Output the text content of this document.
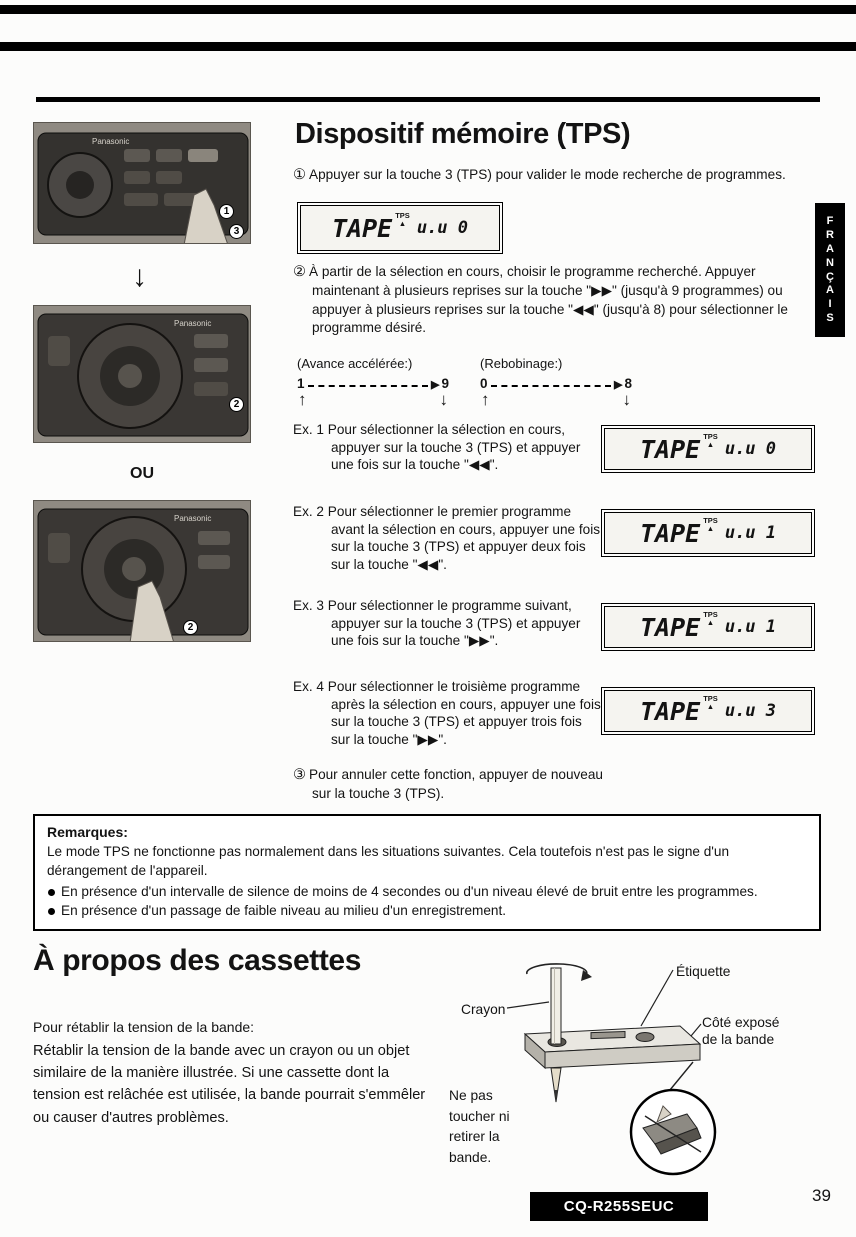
Panasonic
1
3
↓
Panasonic
2
OU
Panasonic
2
F
R
A
N
Ç
A
I
S
Dispositif mémoire (TPS)
① Appuyer sur la touche 3 (TPS) pour valider le mode recherche de programmes.
TAPE TPS
▲ u.u 0
② À partir de la sélection en cours, choisir le programme recherché. Appuyer maintenant à plusieurs reprises sur la touche "▶▶" (jusqu'à 9 programmes) ou appuyer à plusieurs reprises sur la touche "◀◀" (jusqu'à 8) pour sélectionner le programme désiré.
(Avance accélérée:)
1	▶ 9
↑	↓
(Rebobinage:)
0	▶ 8
↑	↓
Ex. 1 Pour sélectionner la sélection en cours, appuyer sur la touche 3 (TPS) et appuyer une fois sur la touche "◀◀".
TAPE TPS
▲ u.u 0
Ex. 2 Pour sélectionner le premier programme avant la sélection en cours, appuyer une fois sur la touche 3 (TPS) et appuyer deux fois sur la touche "◀◀".
TAPE TPS
▲ u.u 1
Ex. 3 Pour sélectionner le programme suivant, appuyer sur la touche 3 (TPS) et appuyer une fois sur la touche "▶▶".	TAPE TPS
▲ u.u 1
Ex. 4 Pour sélectionner le troisième programme après la sélection en cours, appuyer une fois sur la touche 3 (TPS) et appuyer trois fois sur la touche "▶▶".
TAPE TPS
▲ u.u 3
③ Pour annuler cette fonction, appuyer de nouveau sur la touche 3 (TPS).
Remarques:
Le mode TPS ne fonctionne pas normalement dans les situations suivantes. Cela toutefois n'est pas le signe d'un dérangement de l'appareil.
En présence d'un intervalle de silence de moins de 4 secondes ou d'un niveau élevé de bruit entre les programmes.
En présence d'un passage de faible niveau au milieu d'un enregistrement.
À propos des cassettes
Pour rétablir la tension de la bande:
Rétablir la tension de la bande avec un crayon ou un objet similaire de la manière illustrée. Si une cassette dont la tension est relâchée est utilisée, la bande pourrait s'emmêler ou causer d'autres problèmes.
Étiquette
Crayon
Côté exposé
de la bande
Ne pas toucher ni retirer la bande.
CQ-R255SEUC
39
